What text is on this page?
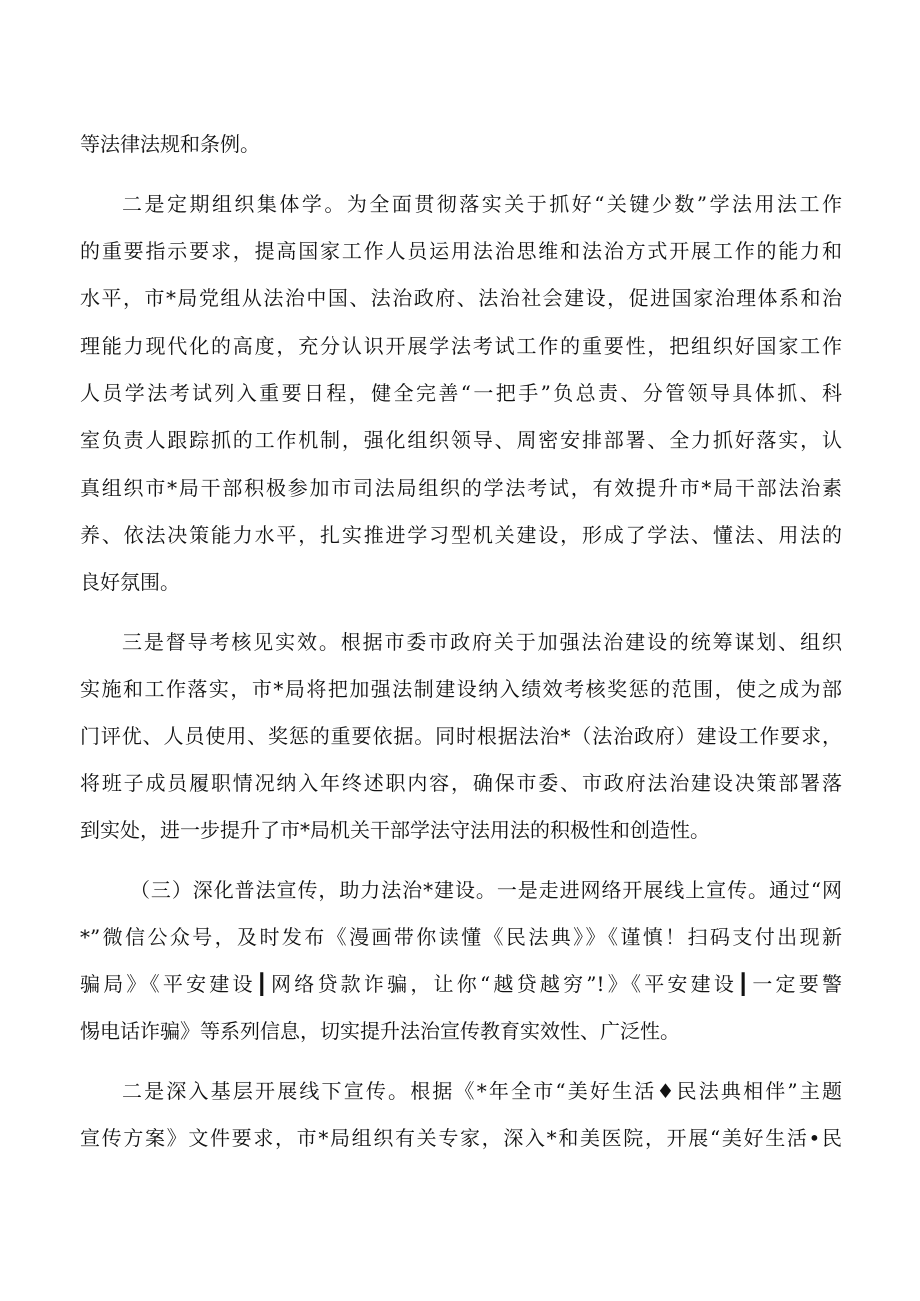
等法律法规和条例。
二是定期组织集体学。为全面贯彻落实关于抓好“关键少数”学法用法工作
的重要指示要求，提高国家工作人员运用法治思维和法治方式开展工作的能力和
水平，市*局党组从法治中国、法治政府、法治社会建设，促进国家治理体系和治
理能力现代化的高度，充分认识开展学法考试工作的重要性，把组织好国家工作
人员学法考试列入重要日程，健全完善“一把手”负总责、分管领导具体抓、科
室负责人跟踪抓的工作机制，强化组织领导、周密安排部署、全力抓好落实，认
真组织市*局干部积极参加市司法局组织的学法考试，有效提升市*局干部法治素
养、依法决策能力水平，扎实推进学习型机关建设，形成了学法、懂法、用法的
良好氛围。
三是督导考核见实效。根据市委市政府关于加强法治建设的统筹谋划、组织
实施和工作落实，市*局将把加强法制建设纳入绩效考核奖惩的范围，使之成为部
门评优、人员使用、奖惩的重要依据。同时根据法治*（法治政府）建设工作要求，
将班子成员履职情况纳入年终述职内容，确保市委、市政府法治建设决策部署落
到实处，进一步提升了市*局机关干部学法守法用法的积极性和创造性。
（三）深化普法宣传，助力法治*建设。一是走进网络开展线上宣传。通过“网
*”微信公众号，及时发布《漫画带你读懂《民法典》》《谨慎！扫码支付出现新
骗局》《平安建设┃网络贷款诈骗，让你“越贷越穷”!》《平安建设┃一定要警
惕电话诈骗》等系列信息，切实提升法治宣传教育实效性、广泛性。
二是深入基层开展线下宣传。根据《*年全市“美好生活♦民法典相伴”主题
宣传方案》文件要求，市*局组织有关专家，深入*和美医院，开展“美好生活•民
